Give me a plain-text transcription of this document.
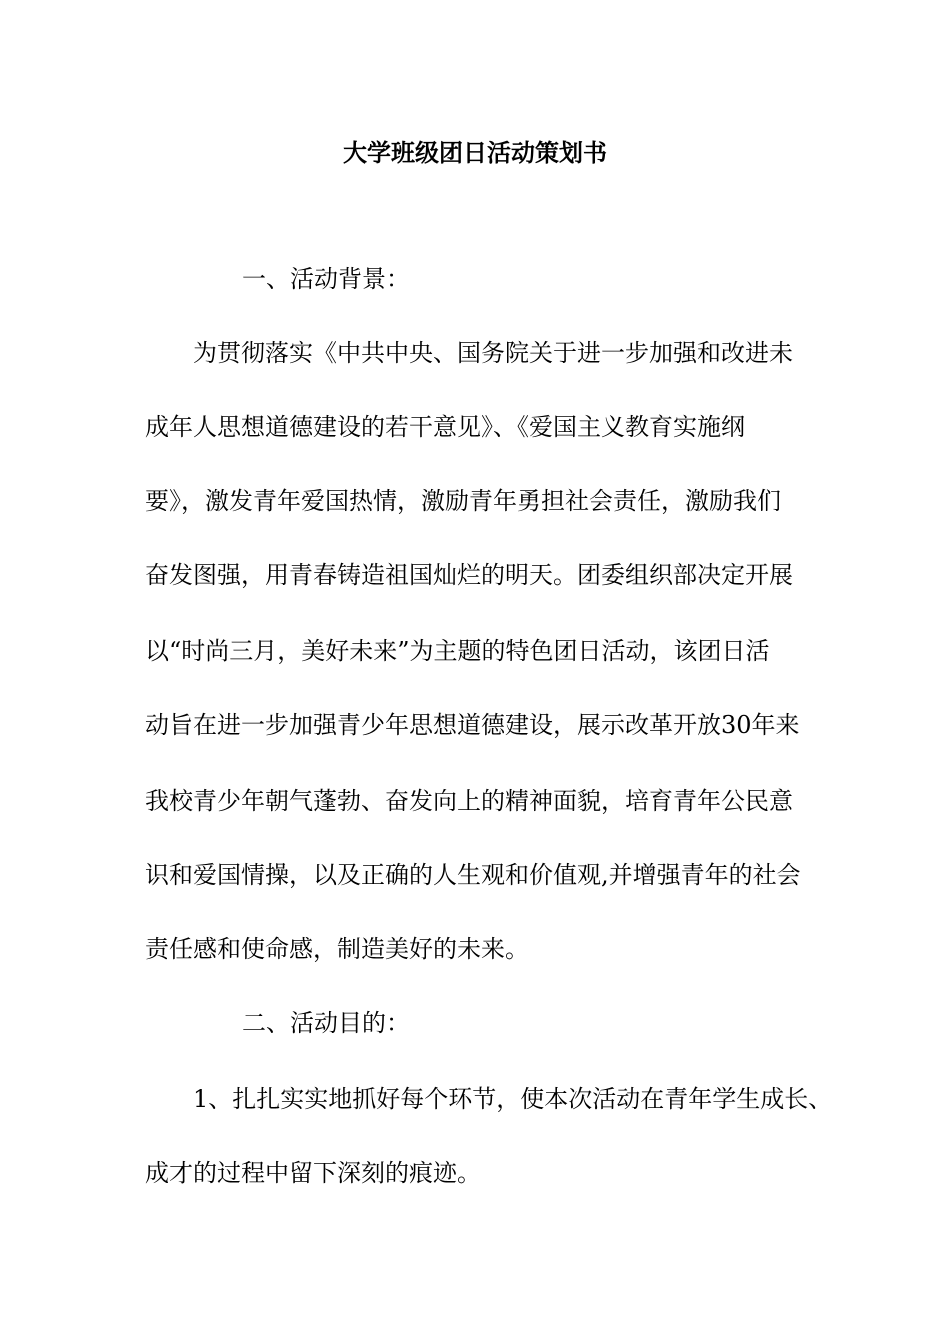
大学班级团日活动策划书
一、活动背景：
为贯彻落实《中共中央、国务院关于进一步加强和改进未
成年人思想道德建设的若干意见》、《爱国主义教育实施纲
要》，激发青年爱国热情，激励青年勇担社会责任，激励我们
奋发图强，用青春铸造祖国灿烂的明天。团委组织部决定开展
以“时尚三月，美好未来”为主题的特色团日活动，该团日活
动旨在进一步加强青少年思想道德建设，展示改革开放30年来
我校青少年朝气蓬勃、奋发向上的精神面貌，培育青年公民意
识和爱国情操，以及正确的人生观和价值观,并增强青年的社会
责任感和使命感，制造美好的未来。
二、活动目的：
1、扎扎实实地抓好每个环节，使本次活动在青年学生成长、
成才的过程中留下深刻的痕迹。
